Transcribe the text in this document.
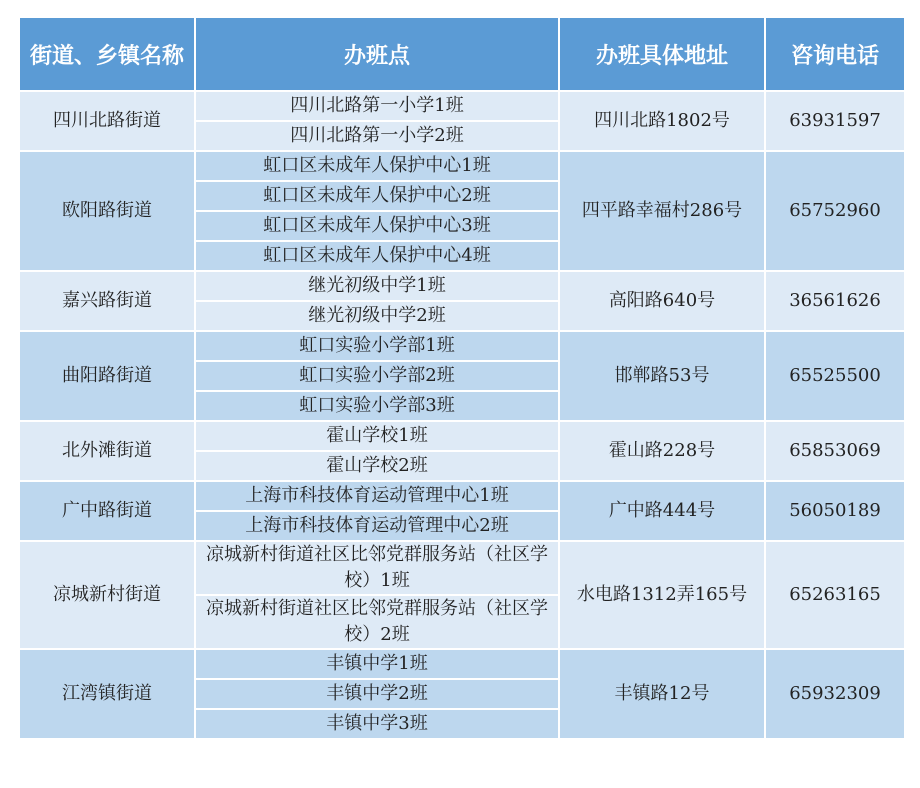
街道、乡镇名称	办班点	办班具体地址	咨询电话
四川北路街道	四川北路第一小学1班	四川北路1802号	63931597
	四川北路第一小学2班		
欧阳路街道	虹口区未成年人保护中心1班	四平路幸福村286号	65752960
	虹口区未成年人保护中心2班		
	虹口区未成年人保护中心3班		
	虹口区未成年人保护中心4班		
嘉兴路街道	继光初级中学1班	高阳路640号	36561626
	继光初级中学2班		
曲阳路街道	虹口实验小学部1班	邯郸路53号	65525500
	虹口实验小学部2班		
	虹口实验小学部3班		
北外滩街道	霍山学校1班	霍山路228号	65853069
	霍山学校2班		
广中路街道	上海市科技体育运动管理中心1班	广中路444号	56050189
	上海市科技体育运动管理中心2班		
凉城新村街道	凉城新村街道社区比邻党群服务站（社区学校）1班	水电路1312弄165号	65263165
	凉城新村街道社区比邻党群服务站（社区学校）2班		
江湾镇街道	丰镇中学1班	丰镇路12号	65932309
	丰镇中学2班		
	丰镇中学3班		
